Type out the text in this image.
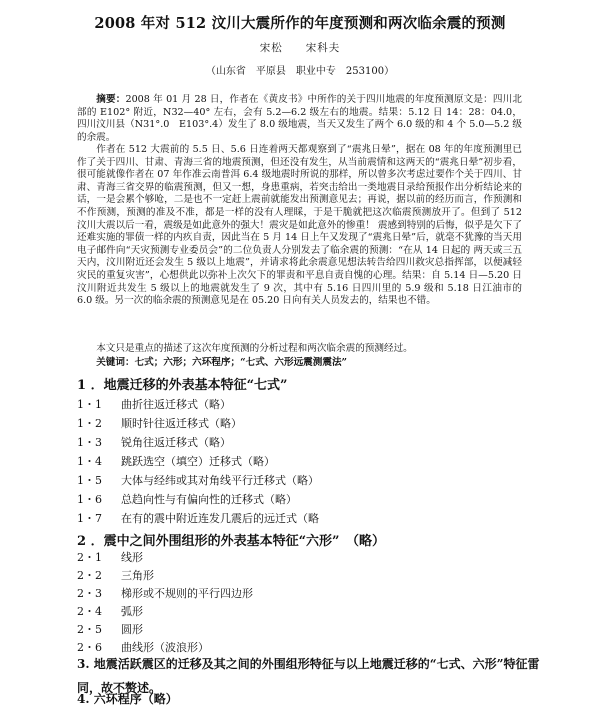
2008 年对 512 汶川大震所作的年度预测和两次临余震的预测
宋松　　宋科夫
（山东省　平原县　职业中专　253100）

摘要：2008 年 01 月 28 日，作者在《黄皮书》中所作的关于四川地震的年度预测原文是：四川北部的 E102° 附近，N32—40° 左右，会有 5.2—6.2 级左右的地震。结果：5.12 日 14：28：04.0，四川汶川县（N31°.0　E103°.4）发生了 8.0 级地震，当天又发生了两个 6.0 级的和 4 个 5.0—5.2 级的余震。

作者在 512 大震前的 5.5 日、5.6 日连着两天都观察到了“震兆日晕”，据在 08 年的年度预测里已作了关于四川、甘肃、青海三省的地震预测，但还没有发生，从当前震情和这两天的“震兆日晕”初步看，很可能就像作者在 07 年作准云南普洱 6.4 级地震时所说的那样，所以曾多次考虑过要作个关于四川、甘肃、青海三省交界的临震预测，但又一想，身患重病，若突击给出一类地震目录给预报作出分析结论来的话，一是会累个够呛，二是也不一定赶上震前就能发出预测意见去；再说，据以前的经历而言，作预测和不作预测，预测的准及不准，都是一样的没有人理睬，于是干脆就把这次临震预测放开了。但到了 512 汶川大震以后一看，震级是如此意外的强大！震灾是如此意外的惨重！ 震感到特别的后悔，似乎是欠下了还难实施的罪债一样的内疚自责，因此当在 5 月 14 日上午又发现了“震兆日晕”后，就毫不犹豫的当天用电子邮件向“天灾预测专业委员会”的二位负责人分别发去了临余震的预测：“在从 14 日起的 两天或三五天内，汶川附近还会发生 5 级以上地震”，并请求将此余震意见想法转告给四川救灾总指挥部，以便减轻灾民的重复灾害”，心想供此以弥补上次欠下的罪责和平息自责自愧的心理。结果：自 5.14 日—5.20 日汶川附近共发生 5 级以上的地震就发生了 9 次，其中有 5.16 日四川里的 5.9 级和 5.18 日江油市的 6.0 级。另一次的临余震的预测意见是在 05.20 日向有关人员发去的，结果也不错。

本文只是重点的描述了这次年度预测的分析过程和两次临余震的预测经过。

关键词：七式；六形；六环程序；“七式、六形远震测震法”

1 ．地震迁移的外表基本特征“七式”

1・1 曲折往返迁移式（略）

1・2 顺时针往返迁移式（略）

1・3 锐角往返迁移式（略）

1・4 跳跃选空（填空）迁移式（略）

1・5 大体与经纬或其对角线平行迁移式（略）

1・6 总趋向性与有偏向性的迁移式（略）

1・7 在有的震中附近连发几震后的远迁式（略

2 ．震中之间外围组形的外表基本特征“六形”　（略）

2・1 线形

2・2 三角形

2・3 梯形或不规则的平行四边形

2・4 弧形

2・5 圆形

2・6 曲线形（波浪形）

3. 地震活跃震区的迁移及其之间的外围组形特征与以上地震迁移的“七式、六形”特征雷同，故不赘述。

4. 六环程序（略）
